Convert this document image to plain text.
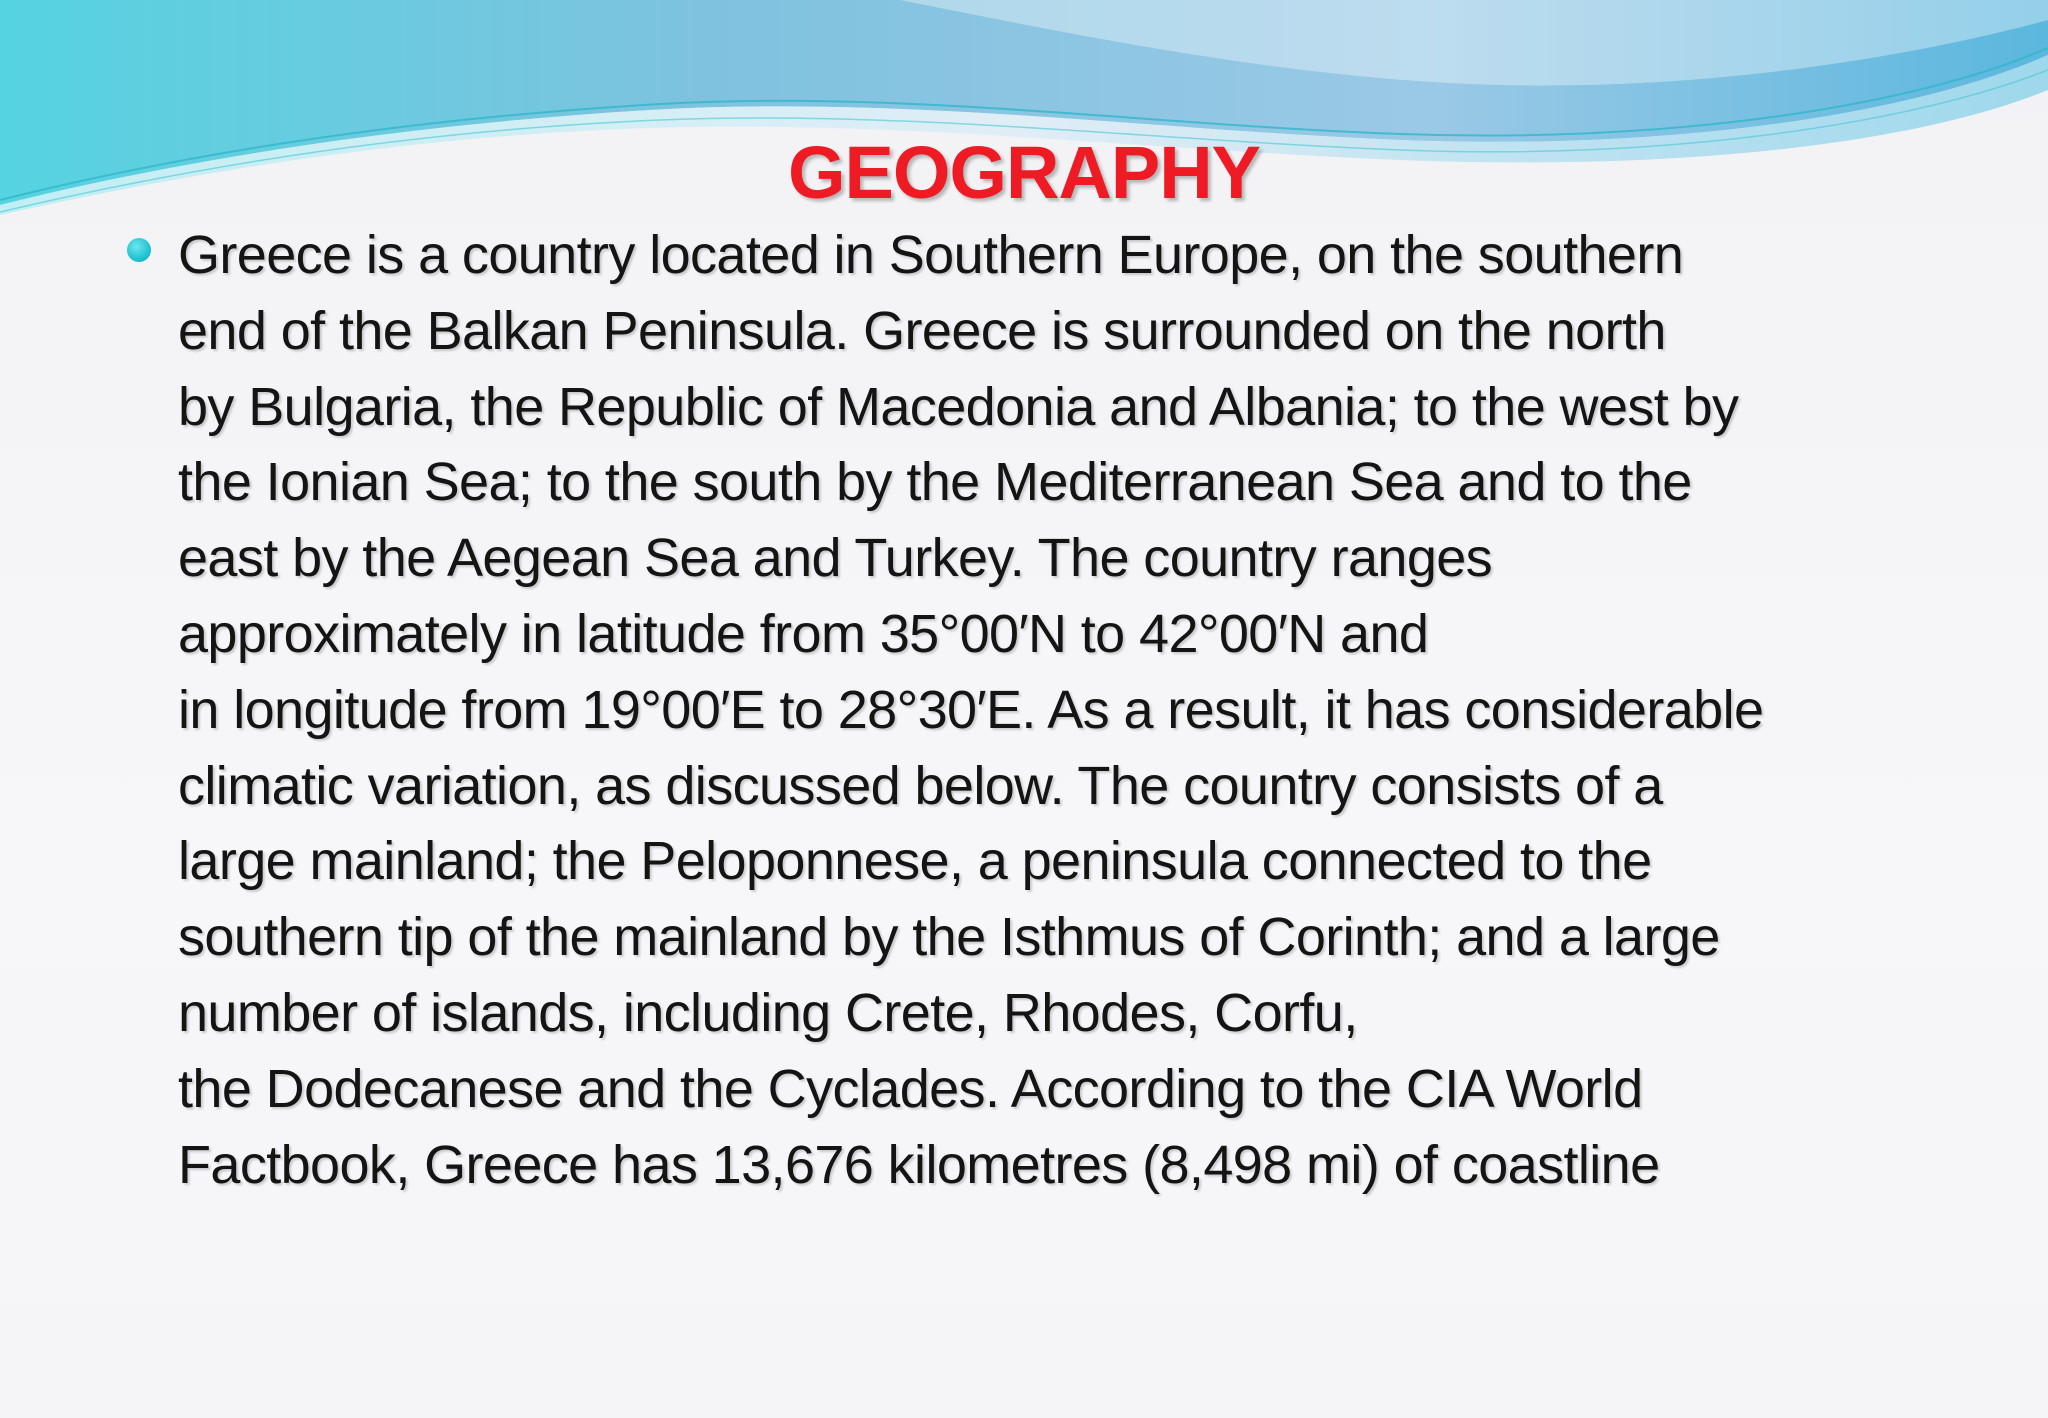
GEOGRAPHY

Greece is a country located in Southern Europe, on the southern
end of the Balkan Peninsula. Greece is surrounded on the north
by Bulgaria, the Republic of Macedonia and Albania; to the west by
the Ionian Sea; to the south by the Mediterranean Sea and to the
east by the Aegean Sea and Turkey. The country ranges
approximately in latitude from 35°00′N to 42°00′N and
in longitude from 19°00′E to 28°30′E. As a result, it has considerable
climatic variation, as discussed below. The country consists of a
large mainland; the Peloponnese, a peninsula connected to the
southern tip of the mainland by the Isthmus of Corinth; and a large
number of islands, including Crete, Rhodes, Corfu,
the Dodecanese and the Cyclades. According to the CIA World
Factbook, Greece has 13,676 kilometres (8,498 mi) of coastline
